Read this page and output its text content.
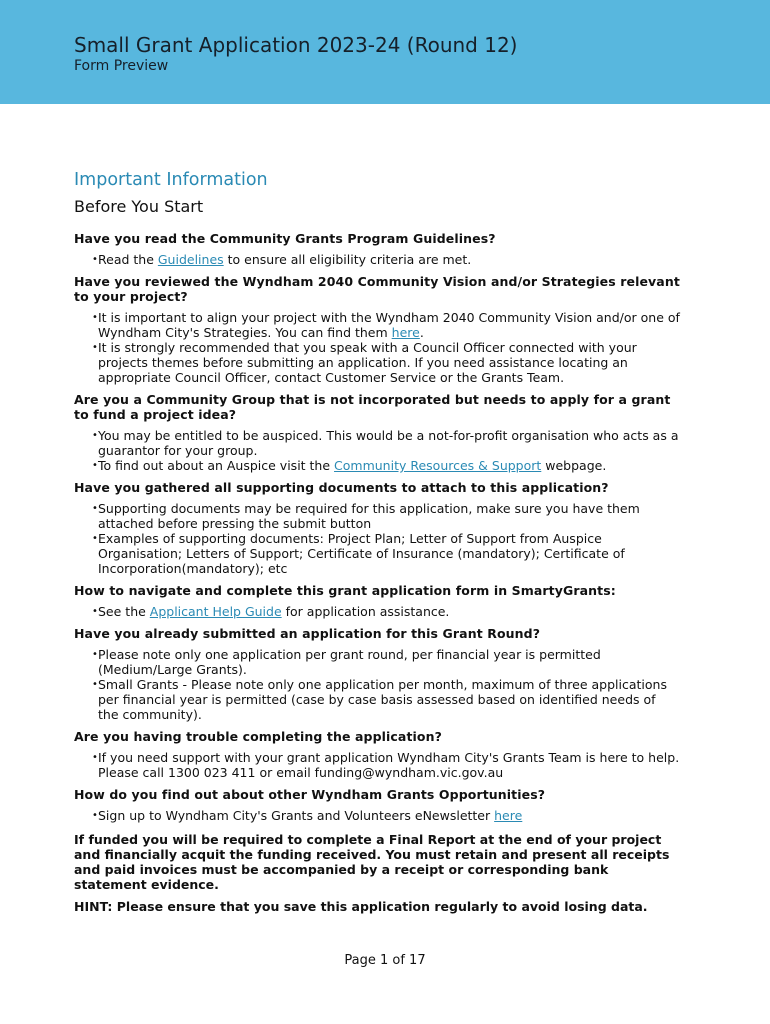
Small Grant Application 2023-24 (Round 12)
Form Preview
Important Information
Before You Start

Have you read the Community Grants Program Guidelines?

• Read the Guidelines to ensure all eligibility criteria are met.

Have you reviewed the Wyndham 2040 Community Vision and/or Strategies relevant to your project?

• It is important to align your project with the Wyndham 2040 Community Vision and/or one of Wyndham City's Strategies. You can find them here.
• It is strongly recommended that you speak with a Council Officer connected with your projects themes before submitting an application. If you need assistance locating an appropriate Council Officer, contact Customer Service or the Grants Team.

Are you a Community Group that is not incorporated but needs to apply for a grant to fund a project idea?

• You may be entitled to be auspiced. This would be a not-for-profit organisation who acts as a guarantor for your group.
• To find out about an Auspice visit the Community Resources & Support webpage.

Have you gathered all supporting documents to attach to this application?

• Supporting documents may be required for this application, make sure you have them attached before pressing the submit button
• Examples of supporting documents: Project Plan; Letter of Support from Auspice Organisation; Letters of Support; Certificate of Insurance (mandatory); Certificate of Incorporation(mandatory); etc

How to navigate and complete this grant application form in SmartyGrants:

• See the Applicant Help Guide for application assistance.

Have you already submitted an application for this Grant Round?

• Please note only one application per grant round, per financial year is permitted (Medium/Large Grants).
• Small Grants - Please note only one application per month, maximum of three applications per financial year is permitted (case by case basis assessed based on identified needs of the community).

Are you having trouble completing the application?

• If you need support with your grant application Wyndham City's Grants Team is here to help. Please call 1300 023 411 or email funding@wyndham.vic.gov.au

How do you find out about other Wyndham Grants Opportunities?

• Sign up to Wyndham City's Grants and Volunteers eNewsletter here

If funded you will be required to complete a Final Report at the end of your project and financially acquit the funding received. You must retain and present all receipts and paid invoices must be accompanied by a receipt or corresponding bank statement evidence.

HINT: Please ensure that you save this application regularly to avoid losing data.

Page 1 of 17
